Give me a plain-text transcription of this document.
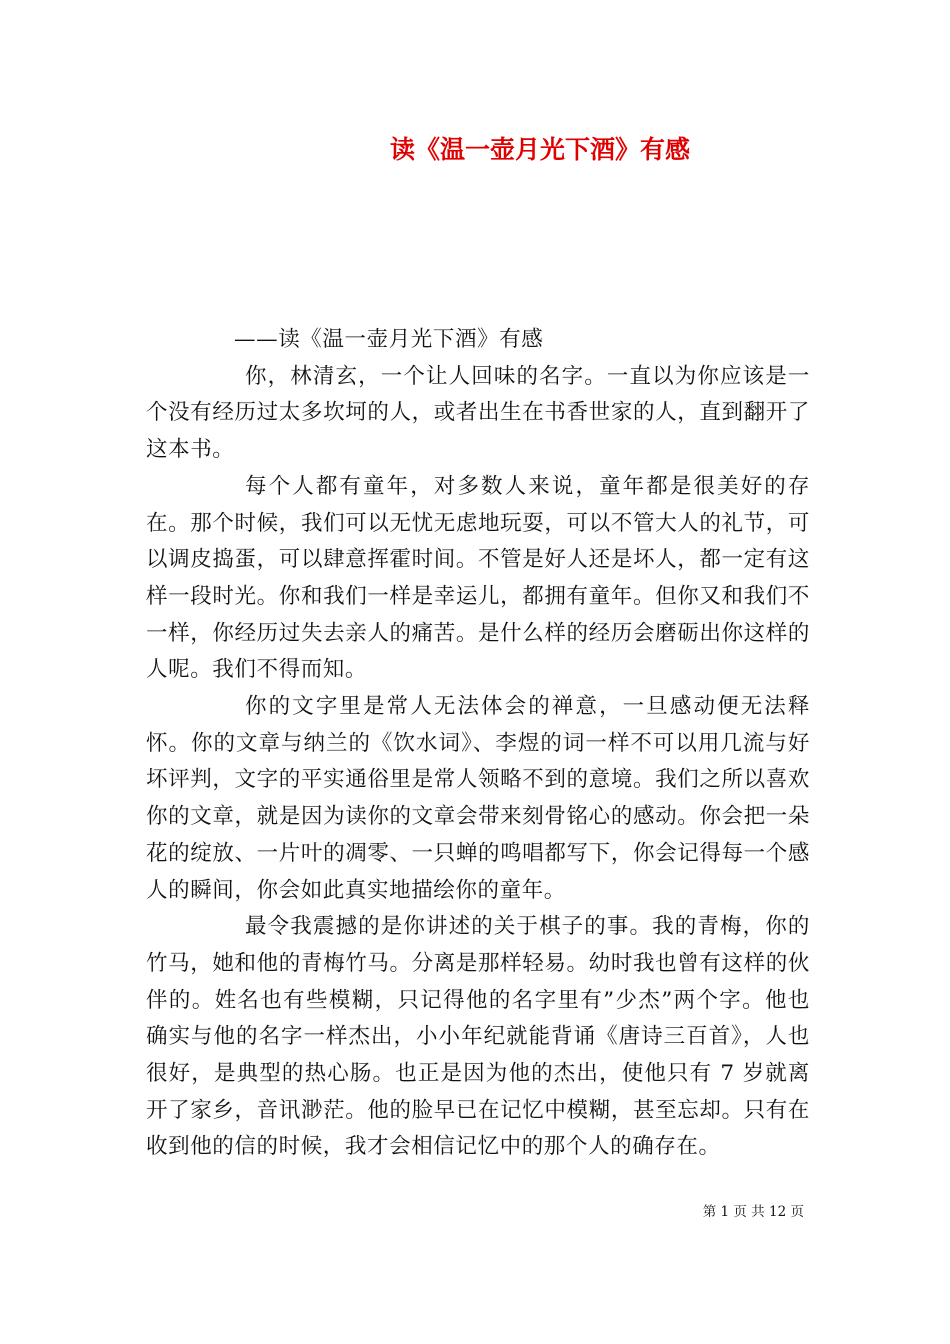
读《温一壶月光下酒》有感

——读《温一壶月光下酒》有感

你，林清玄，一个让人回味的名字。一直以为你应该是一个没有经历过太多坎坷的人，或者出生在书香世家的人，直到翻开了这本书。

每个人都有童年，对多数人来说，童年都是很美好的存在。那个时候，我们可以无忧无虑地玩耍，可以不管大人的礼节，可以调皮捣蛋，可以肆意挥霍时间。不管是好人还是坏人，都一定有这样一段时光。你和我们一样是幸运儿，都拥有童年。但你又和我们不一样，你经历过失去亲人的痛苦。是什么样的经历会磨砺出你这样的人呢。我们不得而知。

你的文字里是常人无法体会的禅意，一旦感动便无法释怀。你的文章与纳兰的《饮水词》、李煜的词一样不可以用几流与好坏评判，文字的平实通俗里是常人领略不到的意境。我们之所以喜欢你的文章，就是因为读你的文章会带来刻骨铭心的感动。你会把一朵花的绽放、一片叶的凋零、一只蝉的鸣唱都写下，你会记得每一个感人的瞬间，你会如此真实地描绘你的童年。

最令我震撼的是你讲述的关于棋子的事。我的青梅，你的竹马，她和他的青梅竹马。分离是那样轻易。幼时我也曾有这样的伙伴的。姓名也有些模糊，只记得他的名字里有”少杰”两个字。他也确实与他的名字一样杰出，小小年纪就能背诵《唐诗三百首》，人也很好，是典型的热心肠。也正是因为他的杰出，使他只有 7 岁就离开了家乡，音讯渺茫。他的脸早已在记忆中模糊，甚至忘却。只有在收到他的信的时候，我才会相信记忆中的那个人的确存在。

第 1 页 共 12 页
